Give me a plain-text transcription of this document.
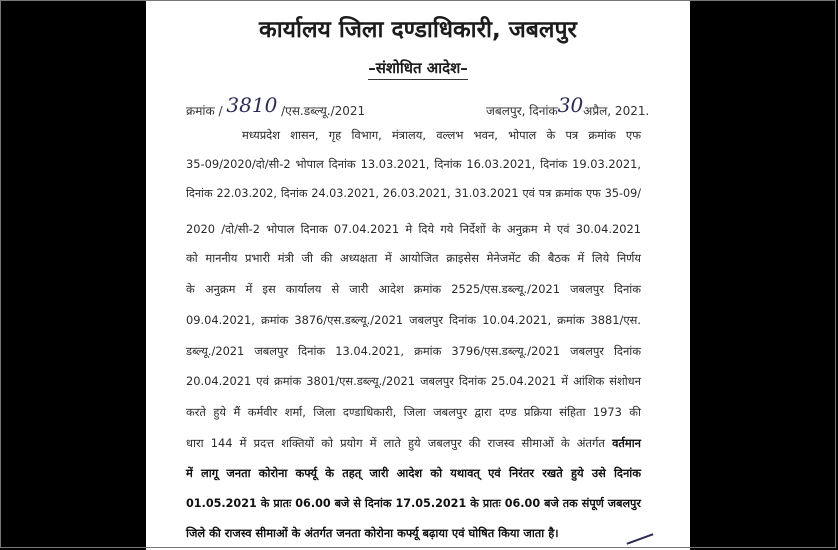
कार्यालय जिला दण्डाधिकारी, जबलपुर
–संशोधित आदेश–
क्रमांक / 3810 /एस.डब्ल्यू./2021	जबलपुर, दिनांक30अप्रैल, 2021.
मध्यप्रदेश शासन, गृह विभाग, मंत्रालय, वल्लभ भवन, भोपाल के पत्र क्रमांक एफ
35-09/2020/दो/सी-2 भोपाल दिनांक 13.03.2021, दिनांक 16.03.2021, दिनांक 19.03.2021,
दिनांक 22.03.202, दिनांक 24.03.2021, 26.03.2021, 31.03.2021 एवं पत्र क्रमांक एफ 35-09/
2020 /दो/सी-2 भोपाल दिनाक 07.04.2021 मे दिये गये निर्देशों के अनुक्रम मे एवं 30.04.2021
को माननीय प्रभारी मंत्री जी की अध्यक्षता में आयोजित क्राइसेस मेनेजमेंट की बैठक में लिये निर्णय
के अनुक्रम में इस कार्यालय से जारी आदेश क्रमांक 2525/एस.डब्ल्यू./2021 जबलपुर दिनांक
09.04.2021, क्रमांक 3876/एस.डब्ल्यू./2021 जबलपुर दिनांक 10.04.2021, क्रमांक 3881/एस.
डब्ल्यू./2021 जबलपुर दिनांक 13.04.2021, क्रमांक 3796/एस.डब्ल्यू./2021 जबलपुर दिनांक
20.04.2021 एवं क्रमांक 3801/एस.डब्ल्यू./2021 जबलपुर दिनांक 25.04.2021 में आंशिक संशोधन
करते हुये मैं कर्मवीर शर्मा, जिला दण्डाधिकारी, जिला जबलपुर द्वारा दण्ड प्रक्रिया संहिता 1973 की
धारा 144 में प्रदत्त शक्तियों को प्रयोग में लाते हुये जबलपुर की राजस्व सीमाओं के अंतर्गत वर्तमान
में लागू जनता कोरोना कर्फ्यू के तहत् जारी आदेश को यथावत् एवं निरंतर रखते हुये उसे दिनांक
01.05.2021 के प्रातः 06.00 बजे से दिनांक 17.05.2021 के प्रातः 06.00 बजे तक संपूर्ण जबलपुर
जिले की राजस्व सीमाओं के अंतर्गत जनता कोरोना कर्फ्यू बढ़ाया एवं घोषित किया जाता है।
